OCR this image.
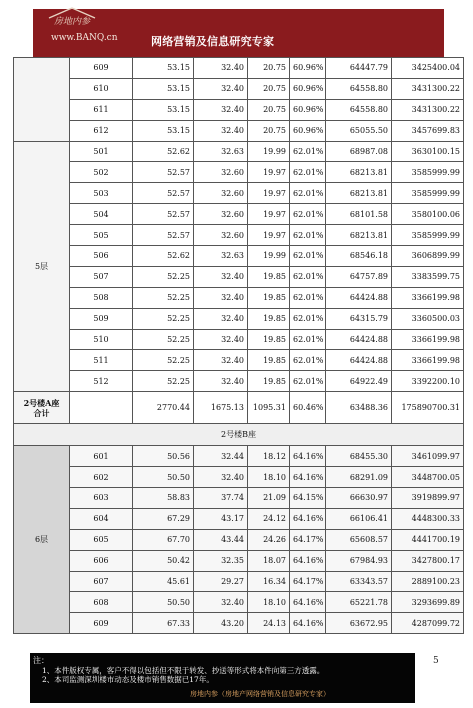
房地内参
www.BANQ.cn	网络营销及信息研究专家
	609	53.15	32.40	20.75	60.96%	64447.79	3425400.04
	610	53.15	32.40	20.75	60.96%	64558.80	3431300.22
	611	53.15	32.40	20.75	60.96%	64558.80	3431300.22
	612	53.15	32.40	20.75	60.96%	65055.50	3457699.83
5层	501	52.62	32.63	19.99	62.01%	68987.08	3630100.15
	502	52.57	32.60	19.97	62.01%	68213.81	3585999.99
	503	52.57	32.60	19.97	62.01%	68213.81	3585999.99
	504	52.57	32.60	19.97	62.01%	68101.58	3580100.06
	505	52.57	32.60	19.97	62.01%	68213.81	3585999.99
	506	52.62	32.63	19.99	62.01%	68546.18	3606899.99
	507	52.25	32.40	19.85	62.01%	64757.89	3383599.75
	508	52.25	32.40	19.85	62.01%	64424.88	3366199.98
	509	52.25	32.40	19.85	62.01%	64315.79	3360500.03
	510	52.25	32.40	19.85	62.01%	64424.88	3366199.98
	511	52.25	32.40	19.85	62.01%	64424.88	3366199.98
	512	52.25	32.40	19.85	62.01%	64922.49	3392200.10

2号楼A座
合计		2770.44	1675.13	1095.31	60.46%	63488.36	175890700.31
2号楼B座							
6层	601	50.56	32.44	18.12	64.16%	68455.30	3461099.97
	602	50.50	32.40	18.10	64.16%	68291.09	3448700.05
	603	58.83	37.74	21.09	64.15%	66630.97	3919899.97
	604	67.29	43.17	24.12	64.16%	66106.41	4448300.33
	605	67.70	43.44	24.26	64.17%	65608.57	4441700.19
	606	50.42	32.35	18.07	64.16%	67984.93	3427800.17
	607	45.61	29.27	16.34	64.17%	63343.57	2889100.23
	608	50.50	32.40	18.10	64.16%	65221.78	3293699.89
	609	67.33	43.20	24.13	64.16%	63672.95	4287099.72
5
注：
1、本件版权专属，客户不得以包括但不限于转发、抄送等形式将本件向第三方透露。
2、本司监测深圳楼市动态及楼市销售数据已17年。
房地内参（房地产网络营销及信息研究专家）
